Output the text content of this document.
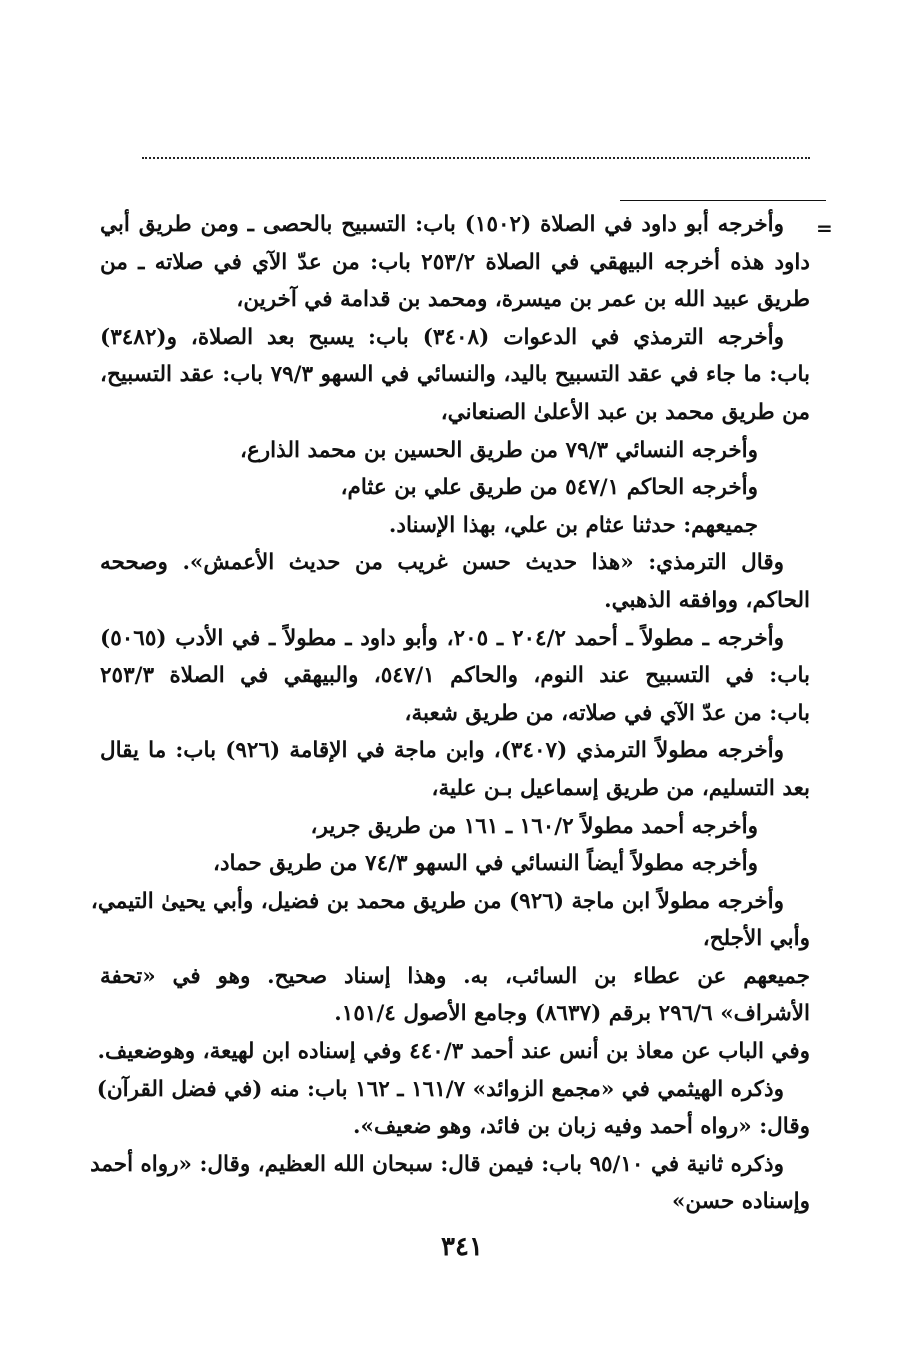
=
وأخرجه أبو داود في الصلاة (١٥٠٢) باب: التسبيح بالحصى ـ ومن طريق أبي
داود هذه أخرجه البيهقي في الصلاة ٢٥٣/٢ باب: من عدّ الآي في صلاته ـ من
طريق عبيد الله بن عمر بن ميسرة، ومحمد بن قدامة في آخرين،
وأخرجه الترمذي في الدعوات (٣٤٠٨) باب: يسبح بعد الصلاة، و(٣٤٨٢)
باب: ما جاء في عقد التسبيح باليد، والنسائي في السهو ٧٩/٣ باب: عقد التسبيح،
من طريق محمد بن عبد الأعلىٰ الصنعاني،
وأخرجه النسائي ٧٩/٣ من طريق الحسين بن محمد الذارع،
وأخرجه الحاكم ٥٤٧/١ من طريق علي بن عثام،
جميعهم: حدثنا عثام بن علي، بهذا الإسناد.
وقال الترمذي: «هذا حديث حسن غريب من حديث الأعمش». وصححه
الحاكم، ووافقه الذهبي.
وأخرجه ـ مطولاً ـ أحمد ٢٠٤/٢ ـ ٢٠٥، وأبو داود ـ مطولاً ـ في الأدب (٥٠٦٥)
باب: في التسبيح عند النوم، والحاكم ٥٤٧/١، والبيهقي في الصلاة ٢٥٣/٣
باب: من عدّ الآي في صلاته، من طريق شعبة،
وأخرجه مطولاً الترمذي (٣٤٠٧)، وابن ماجة في الإقامة (٩٢٦) باب: ما يقال
بعد التسليم، من طريق إسماعيل بـن علية،
وأخرجه أحمد مطولاً ١٦٠/٢ ـ ١٦١ من طريق جرير،
وأخرجه مطولاً أيضاً النسائي في السهو ٧٤/٣ من طريق حماد،
وأخرجه مطولاً ابن ماجة (٩٢٦) من طريق محمد بن فضيل، وأبي يحيىٰ التيمي،
وأبي الأجلح،
جميعهم عن عطاء بن السائب، به. وهذا إسناد صحيح. وهو في «تحفة
الأشراف» ٢٩٦/٦ برقم (٨٦٣٧) وجامع الأصول ١٥١/٤.
وفي الباب عن معاذ بن أنس عند أحمد ٤٤٠/٣ وفي إسناده ابن لهيعة، وهوضعيف.
وذكره الهيثمي في «مجمع الزوائد» ١٦١/٧ ـ ١٦٢ باب: منه (في فضل القرآن)
وقال: «رواه أحمد وفيه زبان بن فائد، وهو ضعيف».
وذكره ثانية في ٩٥/١٠ باب: فيمن قال: سبحان الله العظيم، وقال: «رواه أحمد
وإسناده حسن»
٣٤١
